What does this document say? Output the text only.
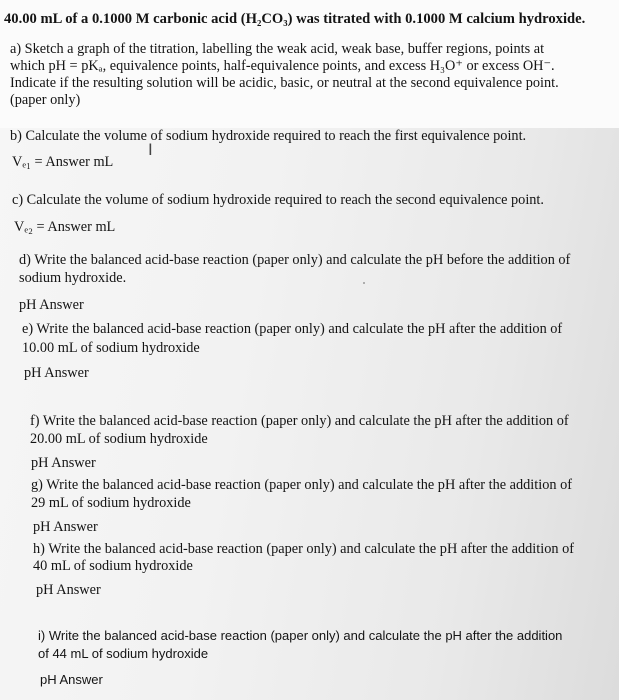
40.00 mL of a 0.1000 M carbonic acid (H₂CO₃) was titrated with 0.1000 M calcium hydroxide.
a) Sketch a graph of the titration, labelling the weak acid, weak base, buffer regions, points at
which pH = pKₐ, equivalence points, half-equivalence points, and excess H₃O⁺ or excess OH⁻.
Indicate if the resulting solution will be acidic, basic, or neutral at the second equivalence point.
(paper only)
b) Calculate the volume of sodium hydroxide required to reach the first equivalence point.
Vₑ₁ = Answer mL
I
c) Calculate the volume of sodium hydroxide required to reach the second equivalence point.
Vₑ₂ = Answer mL
d) Write the balanced acid-base reaction (paper only) and calculate the pH before the addition of
sodium hydroxide.
pH Answer
e) Write the balanced acid-base reaction (paper only) and calculate the pH after the addition of
10.00 mL of sodium hydroxide
pH Answer
f) Write the balanced acid-base reaction (paper only) and calculate the pH after the addition of
20.00 mL of sodium hydroxide
pH Answer
g) Write the balanced acid-base reaction (paper only) and calculate the pH after the addition of
29 mL of sodium hydroxide
pH Answer
h) Write the balanced acid-base reaction (paper only) and calculate the pH after the addition of
40 mL of sodium hydroxide
pH Answer
i) Write the balanced acid-base reaction (paper only) and calculate the pH after the addition
of 44 mL of sodium hydroxide
pH Answer
